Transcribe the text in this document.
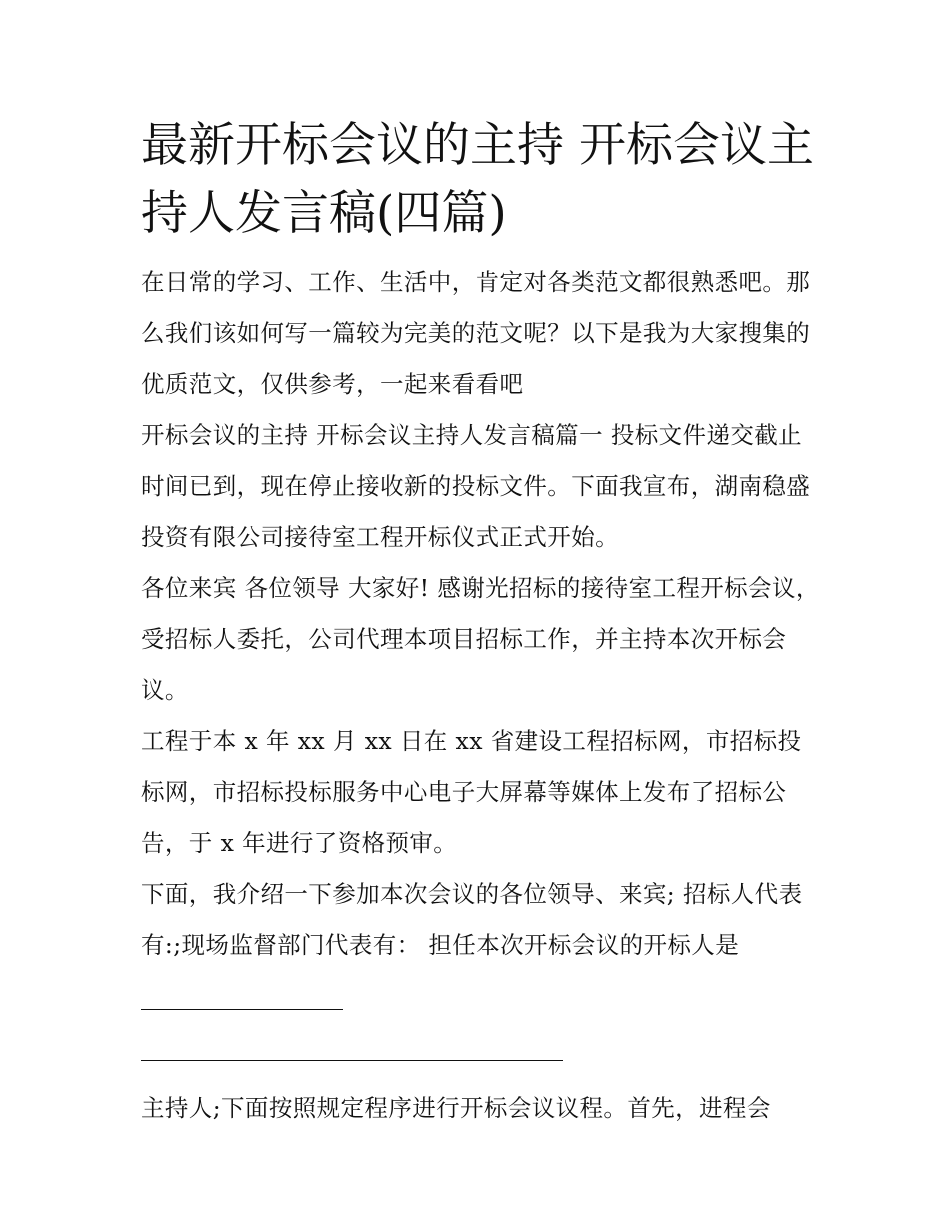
最新开标会议的主持 开标会议主持人发言稿(四篇)

在日常的学习、工作、生活中，肯定对各类范文都很熟悉吧。那么我们该如何写一篇较为完美的范文呢？以下是我为大家搜集的优质范文，仅供参考，一起来看看吧

开标会议的主持 开标会议主持人发言稿篇一 投标文件递交截止时间已到，现在停止接收新的投标文件。下面我宣布，湖南稳盛投资有限公司接待室工程开标仪式正式开始。

各位来宾 各位领导 大家好! 感谢光招标的接待室工程开标会议，受招标人委托，公司代理本项目招标工作，并主持本次开标会议。

工程于本 x 年 xx 月 xx 日在 xx 省建设工程招标网，市招标投标网，市招标投标服务中心电子大屏幕等媒体上发布了招标公告，于 x 年进行了资格预审。

下面，我介绍一下参加本次会议的各位领导、来宾; 招标人代表有:;现场监督部门代表有： 担任本次开标会议的开标人是

主持人;下面按照规定程序进行开标会议议程。首先，进程会
